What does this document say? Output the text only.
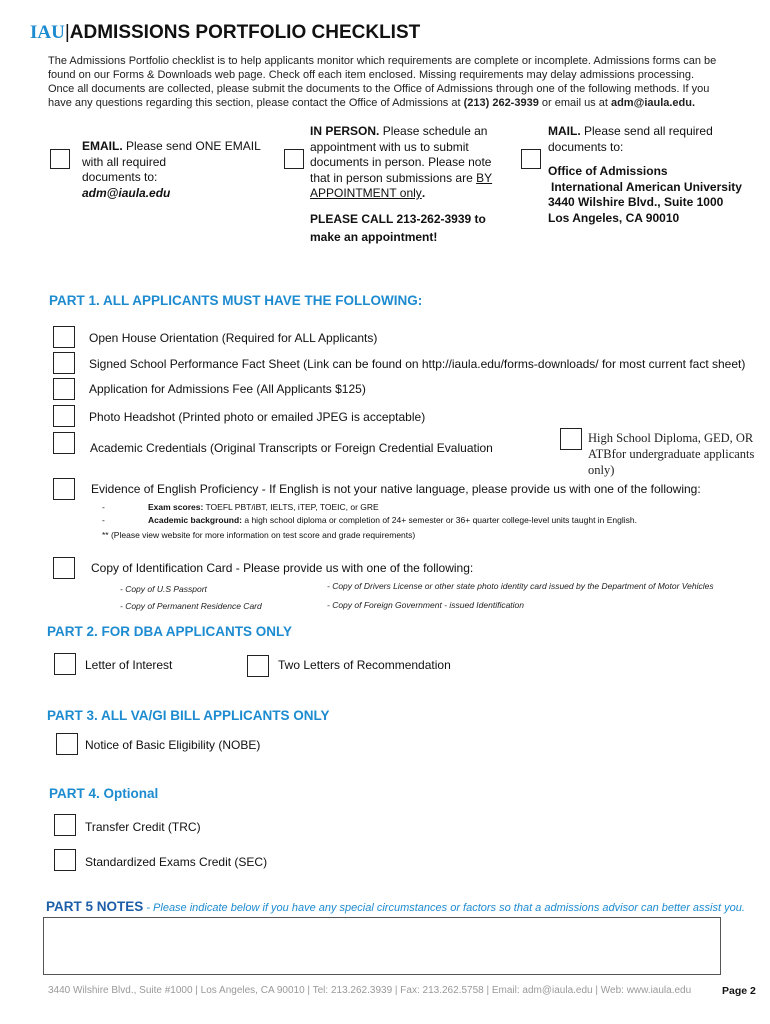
IAU|ADMISSIONS PORTFOLIO CHECKLIST
The Admissions Portfolio checklist is to help applicants monitor which requirements are complete or incomplete. Admissions forms can be
found on our Forms & Downloads web page. Check off each item enclosed. Missing requirements may delay admissions processing.
Once all documents are collected, please submit the documents to the Office of Admissions through one of the following methods. If you
have any questions regarding this section, please contact the Office of Admissions at (213) 262-3939 or email us at adm@iaula.edu.
EMAIL. Please send ONE EMAIL
with all required
documents to:
adm@iaula.edu
IN PERSON. Please schedule an
appointment with us to submit
documents in person. Please note
that in person submissions are BY
APPOINTMENT only.
PLEASE CALL 213-262-3939 to
make an appointment!
MAIL. Please send all required
documents to:
Office of Admissions
International American University
3440 Wilshire Blvd., Suite 1000
Los Angeles, CA 90010
PART 1. ALL APPLICANTS MUST HAVE THE FOLLOWING:
Open House Orientation (Required for ALL Applicants)
Signed School Performance Fact Sheet (Link can be found on http://iaula.edu/forms-downloads/ for most current fact sheet)
Application for Admissions Fee (All Applicants $125)
Photo Headshot (Printed photo or emailed JPEG is acceptable)
Academic Credentials (Original Transcripts or Foreign Credential Evaluation
High School Diploma, GED, OR
ATBfor undergraduate applicants
only)
Evidence of English Proficiency - If English is not your native language, please provide us with one of the following:
-	Exam scores: TOEFL PBT/iBT, IELTS, iTEP, TOEIC, or GRE
-	Academic background: a high school diploma or completion of 24+ semester or 36+ quarter college-level units taught in English.
** (Please view website for more information on test score and grade requirements)
Copy of Identification Card - Please provide us with one of the following:
- Copy of U.S Passport
- Copy of Permanent Residence Card
- Copy of Drivers License or other state photo identity card issued by the Department of Motor Vehicles
- Copy of Foreign Government - issued Identification
PART 2. FOR DBA APPLICANTS ONLY
Letter of Interest	Two Letters of Recommendation
PART 3. ALL VA/GI BILL APPLICANTS ONLY
Notice of Basic Eligibility (NOBE)
PART 4. Optional
Transfer Credit (TRC)
Standardized Exams Credit (SEC)
PART 5 NOTES - Please indicate below if you have any special circumstances or factors so that a admissions advisor can better assist you.
3440 Wilshire Blvd., Suite #1000 | Los Angeles, CA 90010 | Tel: 213.262.3939 | Fax: 213.262.5758 | Email: adm@iaula.edu | Web: www.iaula.edu	Page 2
